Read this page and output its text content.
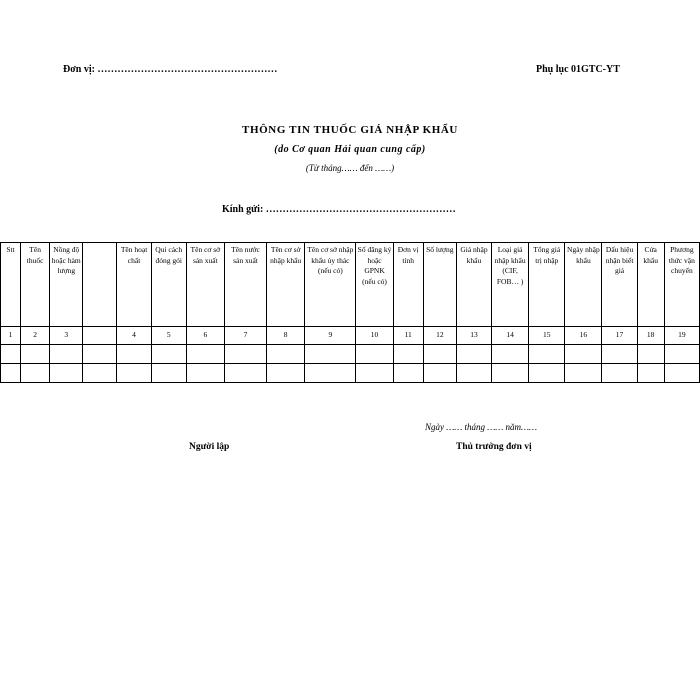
Đơn vị: ………………………………………………	Phụ lục 01GTC-YT
THÔNG TIN THUỐC GIÁ NHẬP KHẨU
(do Cơ quan Hải quan cung cấp)
(Từ tháng…… đến ……)
Kính gửi: …………………………………………………
Stt	Tên thuốc	Nồng độ hoặc hàm lượng		Tên hoạt chất	Qui cách đóng gói	Tên cơ sở sản xuất	Tên nước sản xuất	Tên cơ sở nhập khẩu	Tên cơ sở nhập khẩu ủy thác (nếu có)	Số đăng ký hoặc GPNK (nếu có)	Đơn vị tính	Số lượng	Giá nhập khẩu	Loại giá nhập khẩu (CIF, FOB… )	Tổng giá trị nhập	Ngày nhập khẩu	Dấu hiệu nhận biết giá	Cửa khẩu	Phương thức vận chuyển
1	2	3		4	5	6	7	8	9	10	11	12	13	14	15	16	17	18	19

Ngày …… tháng …… năm……
Người lập	Thủ trưởng đơn vị
